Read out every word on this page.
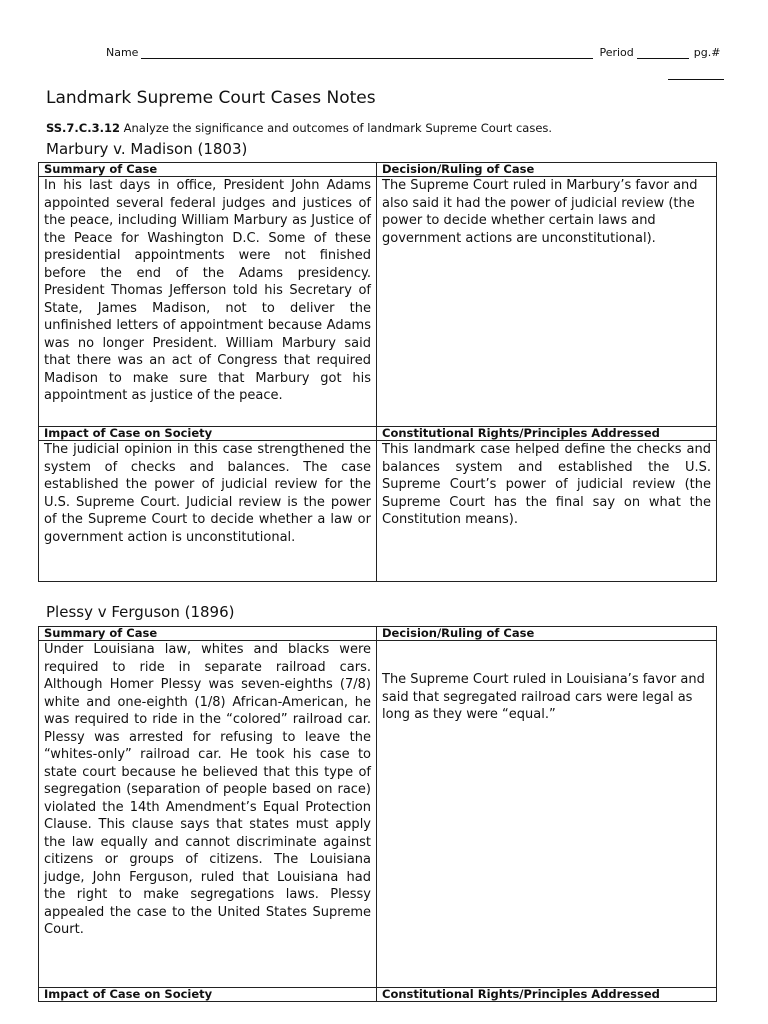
Name	Period	pg.#
Landmark Supreme Court Cases Notes

SS.7.C.3.12 Analyze the significance and outcomes of landmark Supreme Court cases.

Marbury v. Madison (1803)
Summary of Case	Decision/Ruling of Case
In his last days in office, President John Adams appointed several federal judges and justices of the peace, including William Marbury as Justice of the Peace for Washington D.C. Some of these presidential appointments were not finished before the end of the Adams presidency. President Thomas Jefferson told his Secretary of State, James Madison, not to deliver the unfinished letters of appointment because Adams was no longer President. William Marbury said that there was an act of Congress that required Madison to make sure that Marbury got his appointment as justice of the peace.	The Supreme Court ruled in Marbury’s favor and also said it had the power of judicial review (the power to decide whether certain laws and government actions are unconstitutional).
Impact of Case on Society	Constitutional Rights/Principles Addressed
The judicial opinion in this case strengthened the system of checks and balances. The case established the power of judicial review for the U.S. Supreme Court. Judicial review is the power of the Supreme Court to decide whether a law or government action is unconstitutional.	This landmark case helped define the checks and balances system and established the U.S. Supreme Court’s power of judicial review (the Supreme Court has the final say on what the Constitution means).
Plessy v Ferguson (1896)
Summary of Case	Decision/Ruling of Case
Under Louisiana law, whites and blacks were required to ride in separate railroad cars. Although Homer Plessy was seven-eighths (7/8) white and one-eighth (1/8) African-American, he was required to ride in the “colored” railroad car. Plessy was arrested for refusing to leave the “whites-only” railroad car. He took his case to state court because he believed that this type of segregation (separation of people based on race) violated the 14th Amendment’s Equal Protection Clause. This clause says that states must apply the law equally and cannot discriminate against citizens or groups of citizens. The Louisiana judge, John Ferguson, ruled that Louisiana had the right to make segregations laws. Plessy appealed the case to the United States Supreme Court.	The Supreme Court ruled in Louisiana’s favor and said that segregated railroad cars were legal as long as they were “equal.”
Impact of Case on Society	Constitutional Rights/Principles Addressed
